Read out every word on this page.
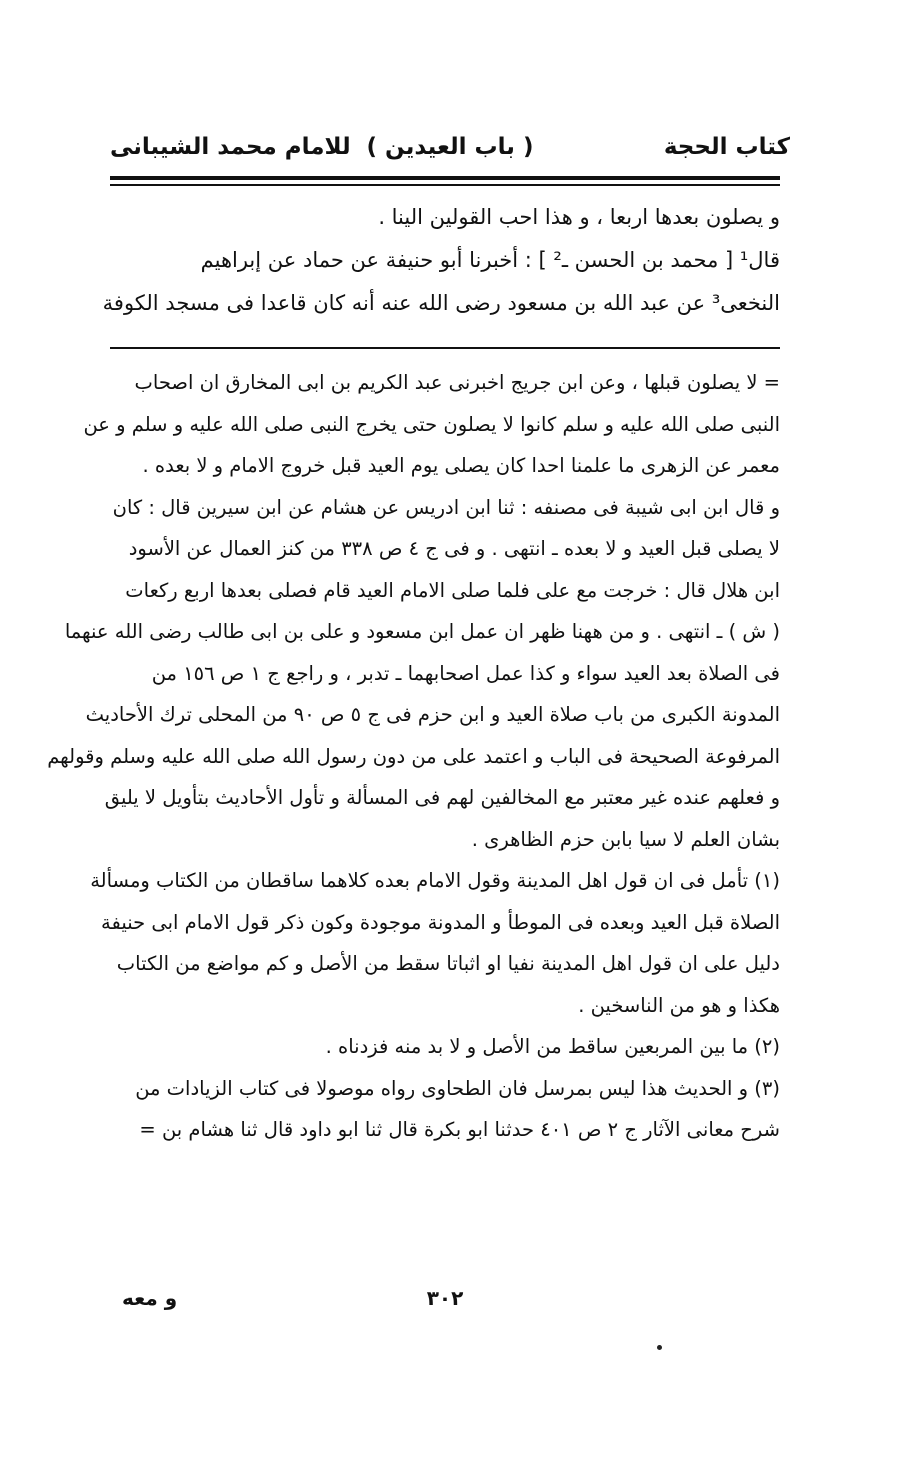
كتاب الحجة
( باب العيدين )
للامام محمد الشيبانى
و يصلون بعدها اربعا ، و هذا احب القولين الينا .
قال¹ [ محمد بن الحسن ـ² ] : أخبرنا أبو حنيفة عن حماد عن إبراهيم
النخعى³ عن عبد الله بن مسعود رضى الله عنه أنه كان قاعدا فى مسجد الكوفة
= لا يصلون قبلها ، وعن ابن جريج اخبرنى عبد الكريم بن ابى المخارق ان اصحاب
النبى صلى الله عليه و سلم كانوا لا يصلون حتى يخرج النبى صلى الله عليه و سلم و عن
معمر عن الزهرى ما علمنا احدا كان يصلى يوم العيد قبل خروج الامام و لا بعده .
و قال ابن ابى شيبة فى مصنفه : ثنا ابن ادريس عن هشام عن ابن سيرين قال : كان
لا يصلى قبل العيد و لا بعده ـ انتهى . و فى ج ٤ ص ٣٣٨ من كنز العمال عن الأسود
ابن هلال قال : خرجت مع على فلما صلى الامام العيد قام فصلى بعدها اربع ركعات
( ش ) ـ انتهى . و من ههنا ظهر ان عمل ابن مسعود و على بن ابى طالب رضى الله عنهما
فى الصلاة بعد العيد سواء و كذا عمل اصحابهما ـ تدبر ، و راجع ج ١ ص ١٥٦ من
المدونة الكبرى من باب صلاة العيد و ابن حزم فى ج ٥ ص ٩٠ من المحلى ترك الأحاديث
المرفوعة الصحيحة فى الباب و اعتمد على من دون رسول الله صلى الله عليه وسلم وقولهم
و فعلهم عنده غير معتبر مع المخالفين لهم فى المسألة و تأول الأحاديث بتأويل لا يليق
بشان العلم لا سيا بابن حزم الظاهرى .
(١) تأمل فى ان قول اهل المدينة وقول الامام بعده كلاهما ساقطان من الكتاب ومسألة
الصلاة قبل العيد وبعده فى الموطأ و المدونة موجودة وكون ذكر قول الامام ابى حنيفة
دليل على ان قول اهل المدينة نفيا او اثباتا سقط من الأصل و كم مواضع من الكتاب
هكذا و هو من الناسخين .
(٢) ما بين المربعين ساقط من الأصل و لا بد منه فزدناه .
(٣) و الحديث هذا ليس بمرسل فان الطحاوى رواه موصولا فى كتاب الزيادات من
شرح معانى الآثار ج ٢ ص ٤٠١ حدثنا ابو بكرة قال ثنا ابو داود قال ثنا هشام بن =
٣٠٢
و معه
